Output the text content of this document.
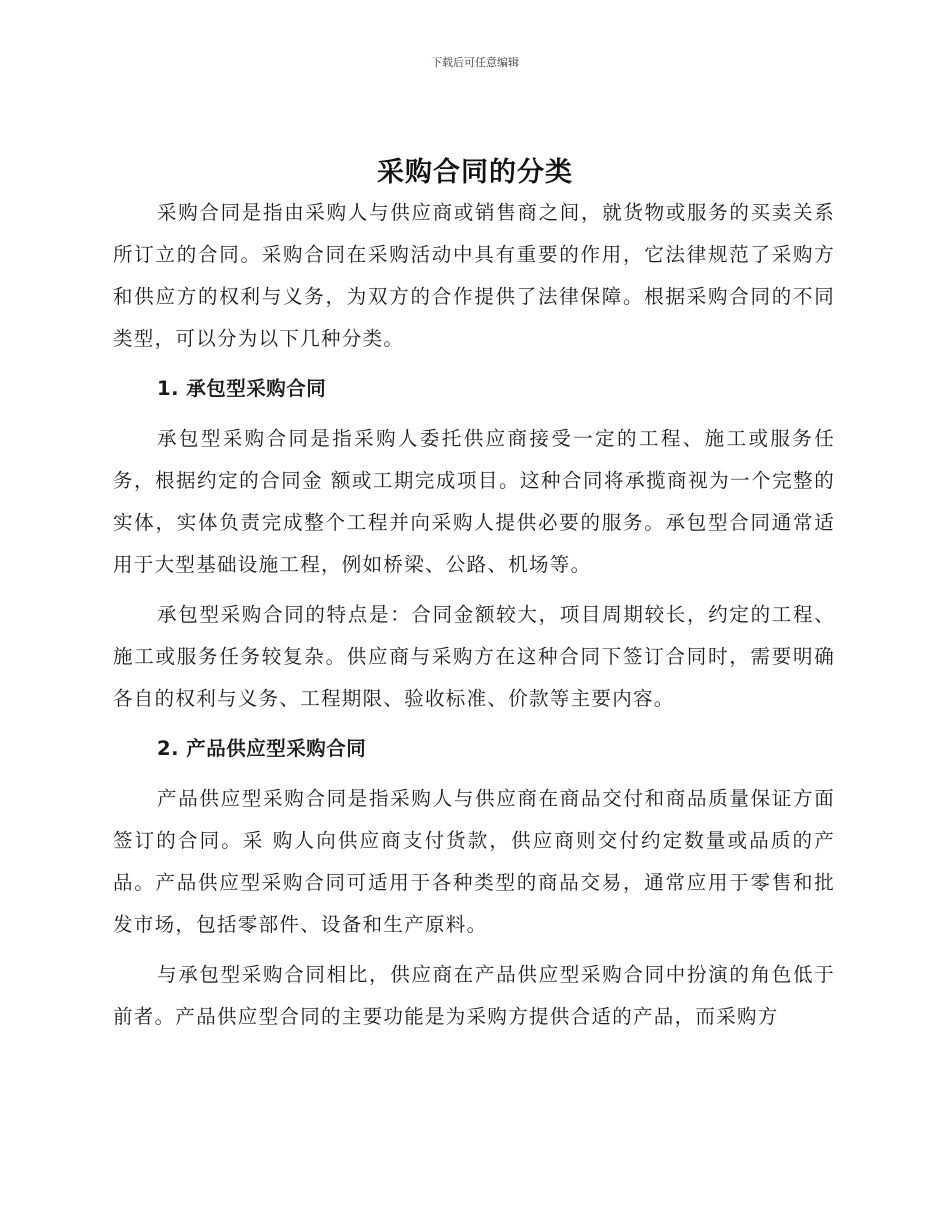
下载后可任意编辑
采购合同的分类

采购合同是指由采购人与供应商或销售商之间，就货物或服务的买卖关系所订立的合同。采购合同在采购活动中具有重要的作用，它法律规范了采购方和供应方的权利与义务，为双方的合作提供了法律保障。根据采购合同的不同类型，可以分为以下几种分类。

1. 承包型采购合同

承包型采购合同是指采购人委托供应商接受一定的工程、施工或服务任务，根据约定的合同金 额或工期完成项目。这种合同将承揽商视为一个完整的实体，实体负责完成整个工程并向采购人提供必要的服务。承包型合同通常适用于大型基础设施工程，例如桥梁、公路、机场等。

承包型采购合同的特点是：合同金额较大，项目周期较长，约定的工程、施工或服务任务较复杂。供应商与采购方在这种合同下签订合同时，需要明确各自的权利与义务、工程期限、验收标准、价款等主要内容。

2. 产品供应型采购合同

产品供应型采购合同是指采购人与供应商在商品交付和商品质量保证方面签订的合同。采 购人向供应商支付货款，供应商则交付约定数量或品质的产品。产品供应型采购合同可适用于各种类型的商品交易，通常应用于零售和批发市场，包括零部件、设备和生产原料。

与承包型采购合同相比，供应商在产品供应型采购合同中扮演的角色低于前者。产品供应型合同的主要功能是为采购方提供合适的产品，而采购方
